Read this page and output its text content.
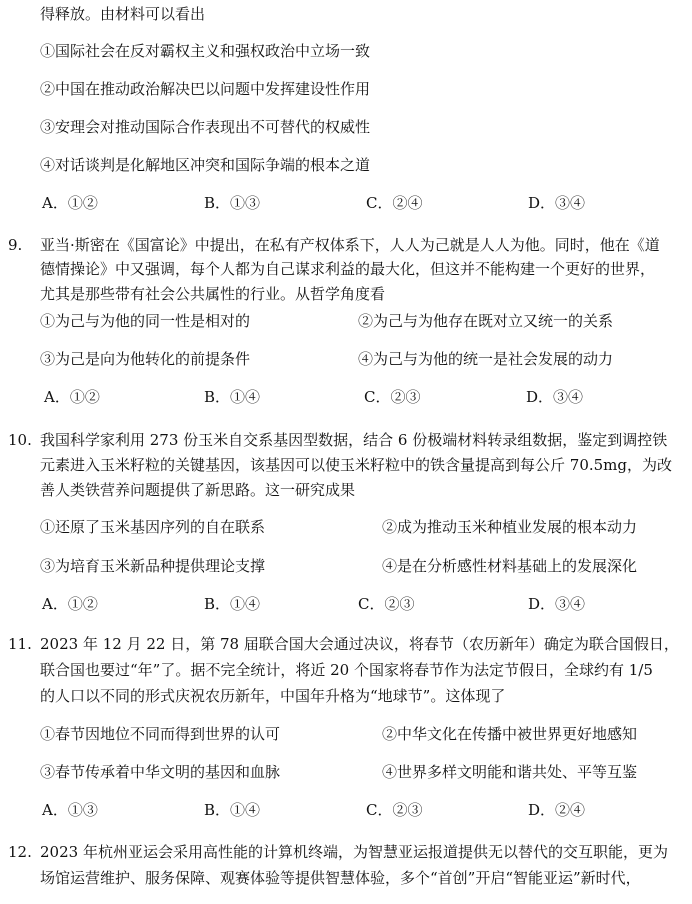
得释放。由材料可以看出
①国际社会在反对霸权主义和强权政治中立场一致
②中国在推动政治解决巴以问题中发挥建设性作用
③安理会对推动国际合作表现出不可替代的权威性
④对话谈判是化解地区冲突和国际争端的根本之道
A．①②	B．①③	C．②④	D．③④
9.	亚当·斯密在《国富论》中提出，在私有产权体系下，人人为己就是人人为他。同时，他在《道
德情操论》中又强调，每个人都为自己谋求利益的最大化，但这并不能构建一个更好的世界，
尤其是那些带有社会公共属性的行业。从哲学角度看
①为己与为他的同一性是相对的	②为己与为他存在既对立又统一的关系
③为己是向为他转化的前提条件	④为己与为他的统一是社会发展的动力
A．①②	B．①④	C．②③	D．③④
10. 我国科学家利用 273 份玉米自交系基因型数据，结合 6 份极端材料转录组数据，鉴定到调控铁
元素进入玉米籽粒的关键基因，该基因可以使玉米籽粒中的铁含量提高到每公斤 70.5mg，为改
善人类铁营养问题提供了新思路。这一研究成果
①还原了玉米基因序列的自在联系	②成为推动玉米种植业发展的根本动力
③为培育玉米新品种提供理论支撑	④是在分析感性材料基础上的发展深化
A．①②	B．①④	C．②③	D．③④
11. 2023 年 12 月 22 日，第 78 届联合国大会通过决议，将春节（农历新年）确定为联合国假日，
联合国也要过“年”了。据不完全统计，将近 20 个国家将春节作为法定节假日，全球约有 1/5
的人口以不同的形式庆祝农历新年，中国年升格为“地球节”。这体现了
①春节因地位不同而得到世界的认可	②中华文化在传播中被世界更好地感知
③春节传承着中华文明的基因和血脉	④世界多样文明能和谐共处、平等互鉴
A．①③	B．①④	C．②③	D．②④
12. 2023 年杭州亚运会采用高性能的计算机终端，为智慧亚运报道提供无以替代的交互职能，更为
场馆运营维护、服务保障、观赛体验等提供智慧体验，多个“首创”开启“智能亚运”新时代，
